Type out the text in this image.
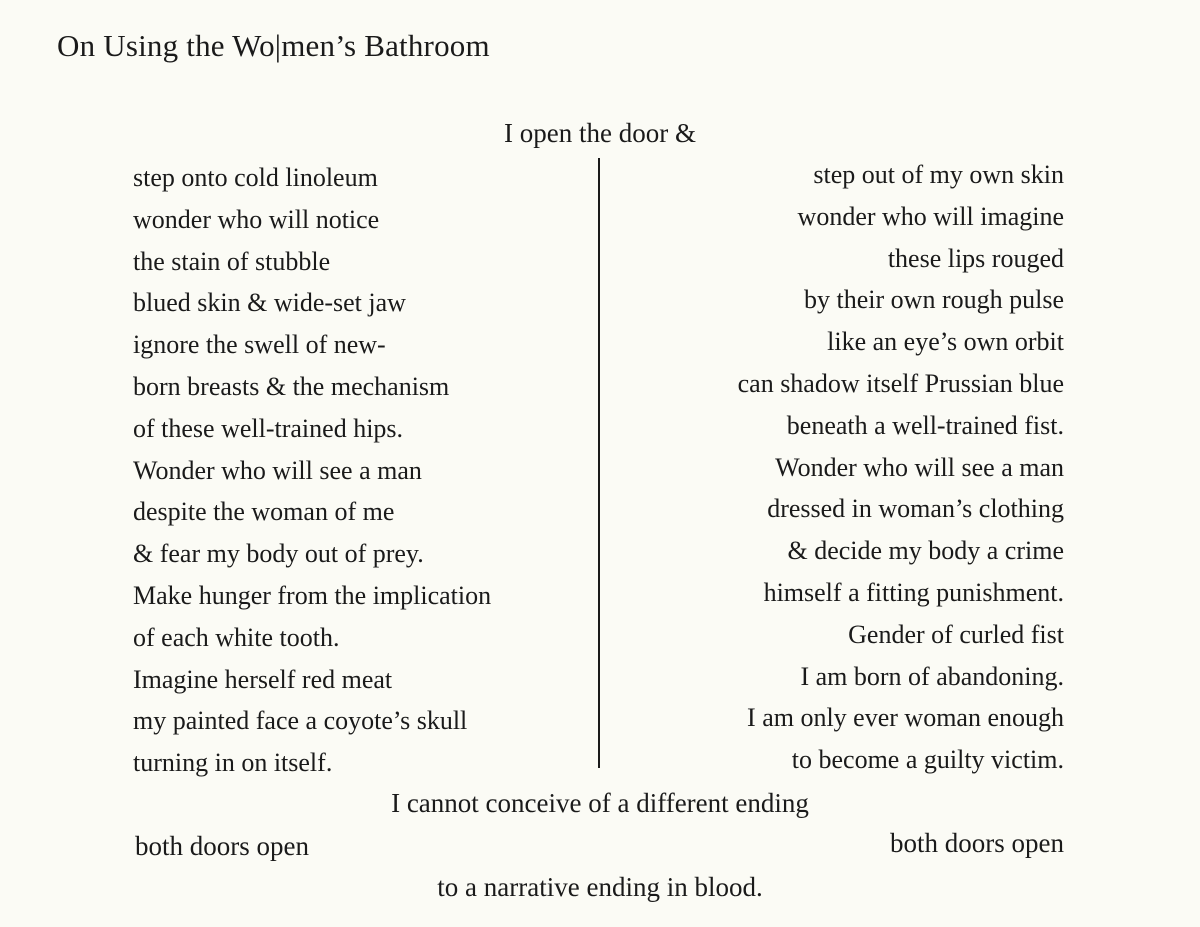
On Using the Wo|men’s Bathroom
I open the door &
step onto cold linoleum
wonder who will notice
the stain of stubble
blued skin & wide-set jaw
ignore the swell of new-
born breasts & the mechanism
of these well-trained hips.
Wonder who will see a man
despite the woman of me
& fear my body out of prey.
Make hunger from the implication
of each white tooth.
Imagine herself red meat
my painted face a coyote’s skull
turning in on itself.
step out of my own skin
wonder who will imagine
these lips rouged
by their own rough pulse
like an eye’s own orbit
can shadow itself Prussian blue
beneath a well-trained fist.
Wonder who will see a man
dressed in woman’s clothing
& decide my body a crime
himself a fitting punishment.
Gender of curled fist
I am born of abandoning.
I am only ever woman enough
to become a guilty victim.
I cannot conceive of a different ending
both doors open	both doors open
to a narrative ending in blood.
